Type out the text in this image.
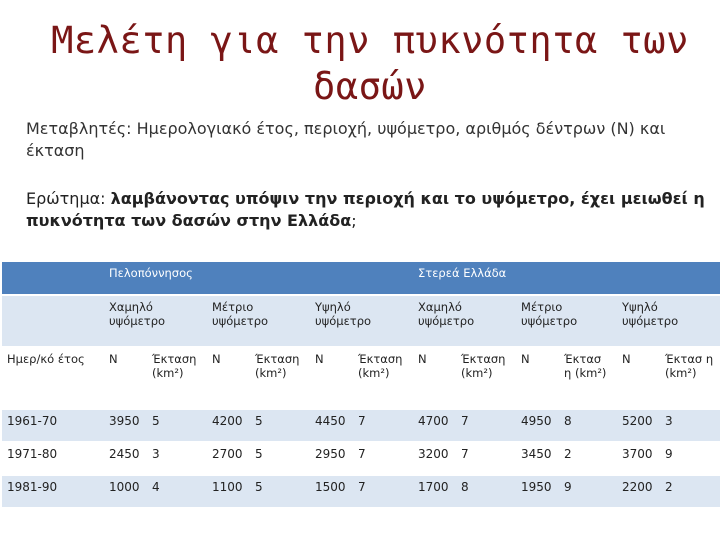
Μελέτη για την πυκνότητα των
δασών
Μεταβλητές: Ημερολογιακό έτος, περιοχή, υψόμετρο, αριθμός δέντρων (Ν) και έκταση
Ερώτημα: λαμβάνοντας υπόψιν την περιοχή και το υψόμετρο, έχει μειωθεί η πυκνότητα των δασών στην Ελλάδα;
	Πελοπόννησος						Στερεά Ελλάδα					
	Χαμηλό υψόμετρο		Μέτριο υψόμετρο		Υψηλό υψόμετρο		Χαμηλό υψόμετρο		Μέτριο υψόμετρο		Υψηλό υψόμετρο	
Ημερ/κό έτος	Ν	Έκταση (km²)	Ν	Έκταση (km²)	Ν	Έκταση (km²)	Ν	Έκταση (km²)	Ν	Έκτασ η (km²)	Ν	Έκτασ η (km²)
1961-70	3950	5	4200	5	4450	7	4700	7	4950	8	5200	3
1971-80	2450	3	2700	5	2950	7	3200	7	3450	2	3700	9
1981-90	1000	4	1100	5	1500	7	1700	8	1950	9	2200	2
